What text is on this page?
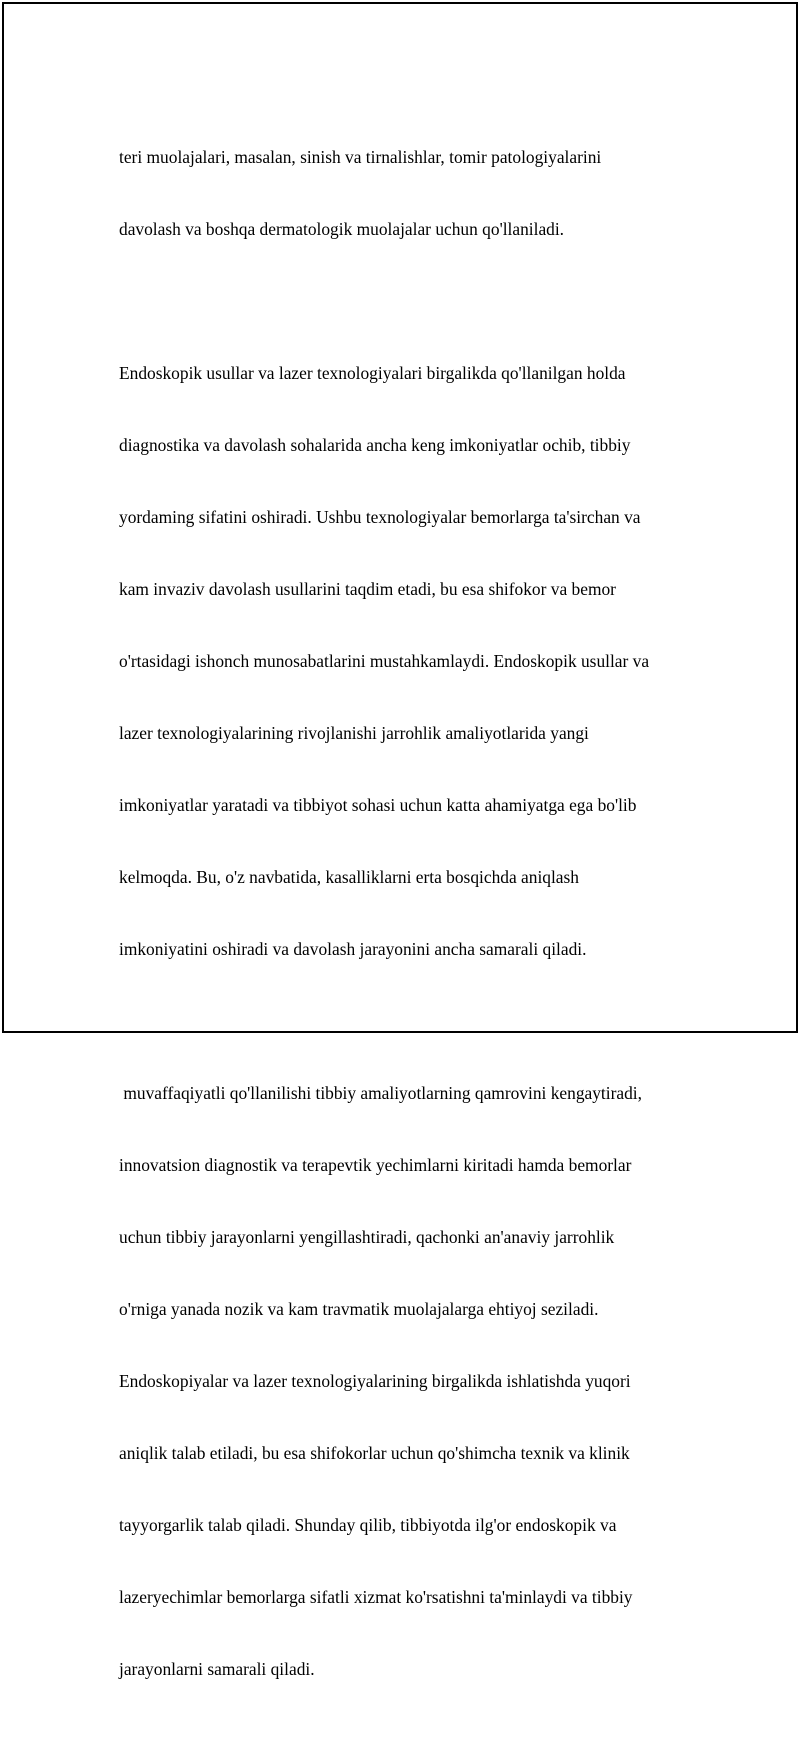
teri muolajalari, masalan, sinish va tirnalishlar, tomir patologiyalarini

davolash va boshqa dermatologik muolajalar uchun qo'llaniladi.

Endoskopik usullar va lazer texnologiyalari birgalikda qo'llanilgan holda

diagnostika va davolash sohalarida ancha keng imkoniyatlar ochib, tibbiy

yordaming sifatini oshiradi. Ushbu texnologiyalar bemorlarga ta'sirchan va

kam invaziv davolash usullarini taqdim etadi, bu esa shifokor va bemor

o'rtasidagi ishonch munosabatlarini mustahkamlaydi. Endoskopik usullar va

lazer texnologiyalarining rivojlanishi jarrohlik amaliyotlarida yangi

imkoniyatlar yaratadi va tibbiyot sohasi uchun katta ahamiyatga ega bo'lib

kelmoqda. Bu, o'z navbatida, kasalliklarni erta bosqichda aniqlash

imkoniyatini oshiradi va davolash jarayonini ancha samarali qiladi.

muvaffaqiyatli qo'llanilishi tibbiy amaliyotlarning qamrovini kengaytiradi,

innovatsion diagnostik va terapevtik yechimlarni kiritadi hamda bemorlar

uchun tibbiy jarayonlarni yengillashtiradi, qachonki an'anaviy jarrohlik

o'rniga yanada nozik va kam travmatik muolajalarga ehtiyoj seziladi.

Endoskopiyalar va lazer texnologiyalarining birgalikda ishlatishda yuqori

aniqlik talab etiladi, bu esa shifokorlar uchun qo'shimcha texnik va klinik

tayyorgarlik talab qiladi. Shunday qilib, tibbiyotda ilg'or endoskopik va

lazeryechimlar bemorlarga sifatli xizmat ko'rsatishni ta'minlaydi va tibbiy

jarayonlarni samarali qiladi.
